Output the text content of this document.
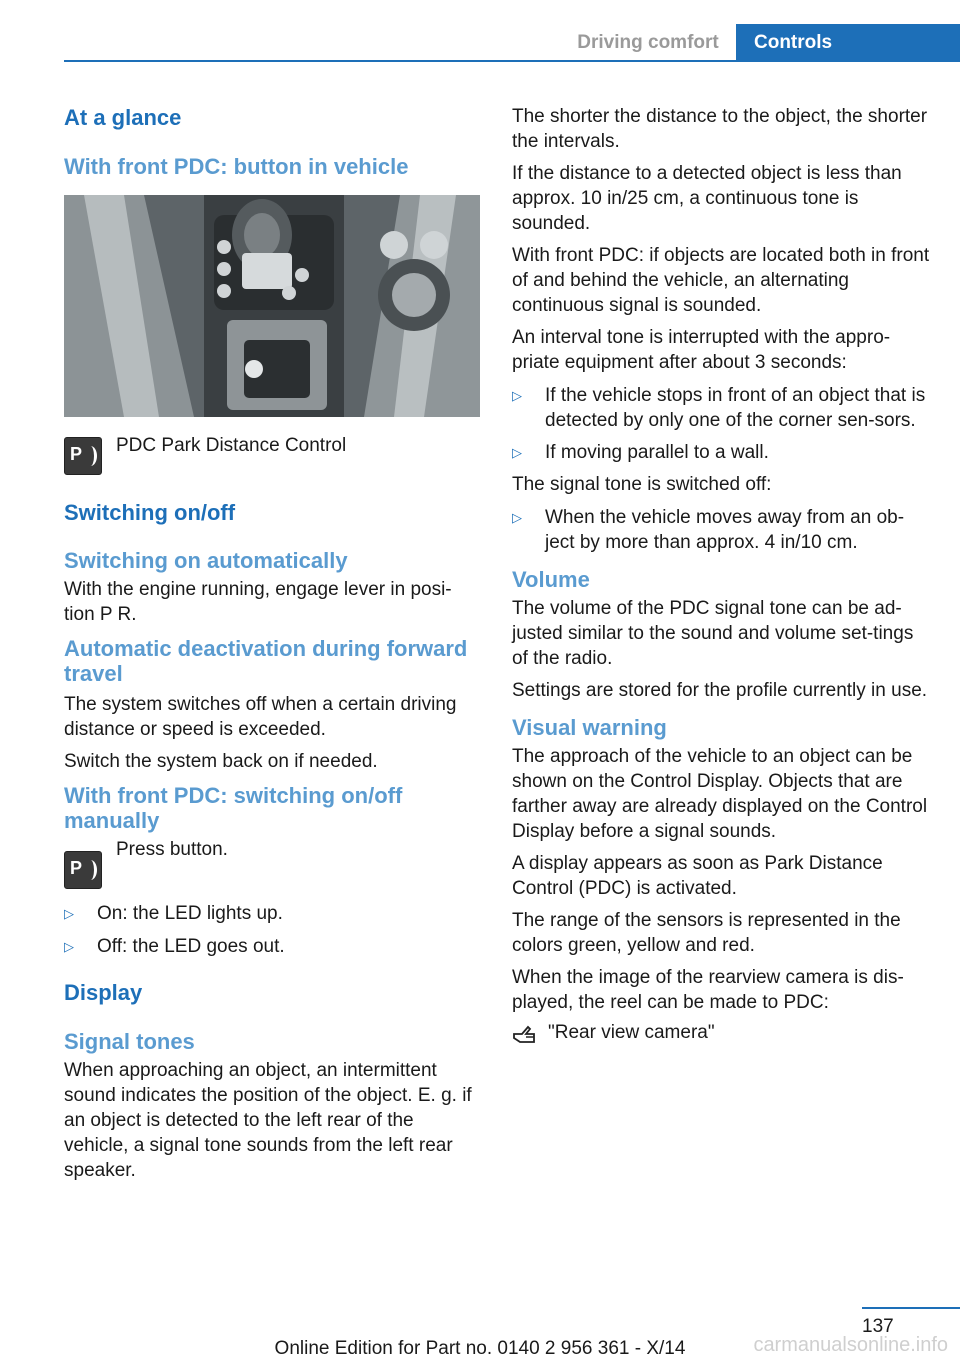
Driving comfort	Controls
At a glance
With front PDC: button in vehicle
P PDC Park Distance Control
Switching on/off
Switching on automatically

With the engine running, engage lever in posi‐tion P R.

Automatic deactivation during forward travel

The system switches off when a certain driving distance or speed is exceeded.

Switch the system back on if needed.

With front PDC: switching on/off manually
P
Press button.
▷ On: the LED lights up.
▷ Off: the LED goes out.
Display
Signal tones

When approaching an object, an intermittent sound indicates the position of the object. E. g. if an object is detected to the left rear of the vehicle, a signal tone sounds from the left rear speaker.

The shorter the distance to the object, the shorter the intervals.

If the distance to a detected object is less than approx. 10 in/25 cm, a continuous tone is sounded.

With front PDC: if objects are located both in front of and behind the vehicle, an alternating continuous signal is sounded.

An interval tone is interrupted with the appro‐priate equipment after about 3 seconds:

▷ If the vehicle stops in front of an object that is detected by only one of the corner sen‐sors.
▷ If moving parallel to a wall.

The signal tone is switched off:

▷ When the vehicle moves away from an ob‐ject by more than approx. 4 in/10 cm.
Volume

The volume of the PDC signal tone can be ad‐justed similar to the sound and volume set‐tings of the radio.

Settings are stored for the profile currently in use.

Visual warning

The approach of the vehicle to an object can be shown on the Control Display. Objects that are farther away are already displayed on the Control Display before a signal sounds.

A display appears as soon as Park Distance Control (PDC) is activated.

The range of the sensors is represented in the colors green, yellow and red.

When the image of the rearview camera is dis‐played, the reel can be made to PDC:

"Rear view camera"
137
Online Edition for Part no. 0140 2 956 361 - X/14	carmanualsonline.info
